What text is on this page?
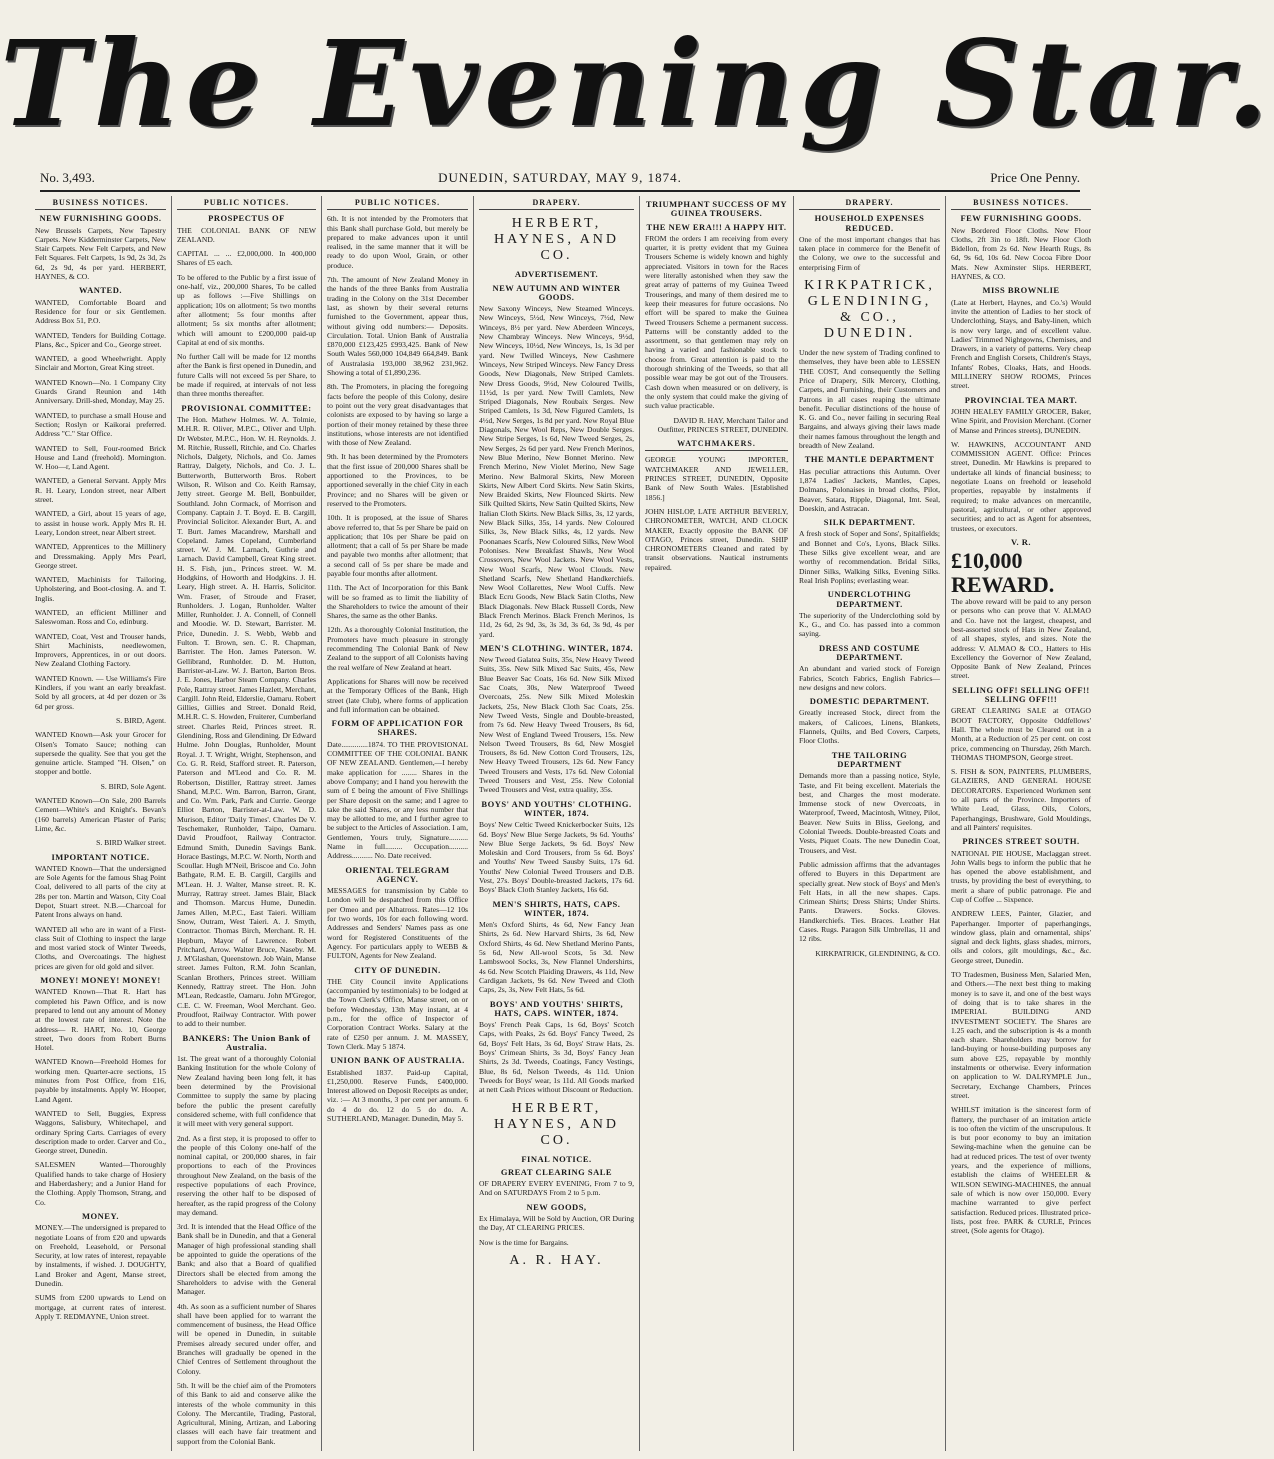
The Evening Star.
No. 3,493.	DUNEDIN, SATURDAY, MAY 9, 1874.	Price One Penny.
BUSINESS NOTICES.
NEW FURNISHING GOODS.
New Brussels Carpets, New Tapestry Carpets. New Kidderminster Carpets, New Stair Carpets. New Felt Carpets, and New Felt Squares. Felt Carpets, 1s 9d, 2s 3d, 2s 6d, 2s 9d, 4s per yard. HERBERT, HAYNES, & CO.
WANTED.
WANTED, Comfortable Board and Residence for four or six Gentlemen. Address Box 51, P.O.
WANTED, Tenders for Building Cottage. Plans, &c., Spicer and Co., George street.
WANTED, a good Wheelwright. Apply Sinclair and Morton, Great King street.
WANTED Known—No. 1 Company City Guards Grand Reunion and 14th Anniversary. Drill-shed, Monday, May 25.
WANTED, to purchase a small House and Section; Roslyn or Kaikorai preferred. Address "C." Star Office.
WANTED to Sell, Four-roomed Brick House and Land (freehold). Mornington. W. Hoo—r, Land Agent.
WANTED, a General Servant. Apply Mrs R. H. Leary, London street, near Albert street.
WANTED, a Girl, about 15 years of age, to assist in house work. Apply Mrs R. H. Leary, London street, near Albert street.
WANTED, Apprentices to the Millinery and Dressmaking. Apply Mrs Pearl, George street.
WANTED, Machinists for Tailoring, Upholstering, and Boot-closing. A. and T. Inglis.
WANTED, an efficient Milliner and Saleswoman. Ross and Co, edinburg.
WANTED, Coat, Vest and Trouser hands, Shirt Machinists, needlewomen, Improvers, Apprentices, in or out doors. New Zealand Clothing Factory.
WANTED Known. — Use Williams's Fire Kindlers, if you want an early breakfast. Sold by all grocers, at 4d per dozen or 3s 6d per gross.
S. BIRD, Agent.
WANTED Known—Ask your Grocer for Olsen's Tomato Sauce; nothing can supersede the quality. See that you get the genuine article. Stamped "H. Olsen," on stopper and bottle.
S. BIRD, Sole Agent.
WANTED Known—On Sale, 200 Barrels Cement—White's and Knight's. Bevan's (160 barrels) American Plaster of Paris; Lime, &c.
S. BIRD Walker street.
IMPORTANT NOTICE.
WANTED Known—That the undersigned are Sole Agents for the famous Shag Point Coal, delivered to all parts of the city at 28s per ton. Martin and Watson, City Coal Depot, Stuart street. N.B.—Charcoal for Patent Irons always on hand.
WANTED all who are in want of a First-class Suit of Clothing to inspect the large and most varied stock of Winter Tweeds, Cloths, and Overcoatings. The highest prices are given for old gold and silver.
MONEY! MONEY! MONEY!
WANTED Known—That R. Hart has completed his Pawn Office, and is now prepared to lend out any amount of Money at the lowest rate of interest. Note the address— R. HART, No. 10, George street, Two doors from Robert Burns Hotel.
WANTED Known—Freehold Homes for working men. Quarter-acre sections, 15 minutes from Post Office, from £16, payable by instalments. Apply W. Hooper, Land Agent.
WANTED to Sell, Buggies, Express Waggons, Salisbury, Whitechapel, and ordinary Spring Carts. Carriages of every description made to order. Carver and Co., George street, Dunedin.
SALESMEN Wanted—Thoroughly Qualified hands to take charge of Hosiery and Haberdashery; and a Junior Hand for the Clothing. Apply Thomson, Strang, and Co.
MONEY.
MONEY.—The undersigned is prepared to negotiate Loans of from £20 and upwards on Freehold, Leasehold, or Personal Security, at low rates of interest, repayable by instalments, if wished. J. DOUGHTY, Land Broker and Agent, Manse street, Dunedin.
SUMS from £200 upwards to Lend on mortgage, at current rates of interest. Apply T. REDMAYNE, Union street.
PUBLIC NOTICES.
PROSPECTUS OF
THE COLONIAL BANK OF NEW ZEALAND.
CAPITAL ... ... £2,000,000. In 400,000 Shares of £5 each.
To be offered to the Public by a first issue of one-half, viz., 200,000 Shares, To be called up as follows :—Five Shillings on application; 10s on allotment; 5s two months after allotment; 5s four months after allotment; 5s six months after allotment; which will amount to £200,000 paid-up Capital at end of six months.
No further Call will be made for 12 months after the Bank is first opened in Dunedin, and future Calls will not exceed 5s per Share, to be made if required, at intervals of not less than three months thereafter.
PROVISIONAL COMMITTEE:
The Hon. Mathew Holmes. W. A. Tolmie, M.H.R. R. Oliver, M.P.C., Oliver and Ulph. Dr Webster, M.P.C., Hon. W. H. Reynolds. J. M. Ritchie, Russell, Ritchie, and Co. Charles Nichols, Dalgety, Nichols, and Co. James Rattray, Dalgety, Nichols, and Co. J. L. Butterworth, Butterworth Bros. Robert Wilson, R. Wilson and Co. Keith Ramsay, Jetty street. George M. Bell, Bonbuilder, Southland. John Cormack, of Morrison and Company. Captain J. T. Boyd. E. B. Cargill, Provincial Solicitor. Alexander Burt, A. and T. Burt. James Macandrew, Marshall and Copeland. James Copeland, Cumberland street. W. J. M. Larnach, Guthrie and Larnach. David Campbell, Great King street. H. S. Fish, jun., Princes street. W. M. Hodgkins, of Howorth and Hodgkins. J. H. Leary, High street. A. H. Harris, Solicitor. Wm. Fraser, of Stroude and Fraser, Runholders. J. Logan, Runholder. Walter Miller, Runholder. J. A. Connell, of Connell and Moodie. W. D. Stewart, Barrister. M. Price, Dunedin. J. S. Webb, Webb and Fulton. T. Brown, sen. C. R. Chapman, Barrister. The Hon. James Paterson. W. Gellibrand, Runholder. D. M. Hutton, Barrister-at-Law. W. J. Barton, Barton Bros. J. E. Jones, Harbor Steam Company. Charles Pole, Rattray street. James Hazlett, Merchant, Cargill. John Reid, Elderslie, Oamaru. Robert Gillies, Gillies and Street. Donald Reid, M.H.R. C. S. Howden, Fruiterer, Cumberland street. Charles Reid, Princes street. R. Glendining, Ross and Glendining. Dr Edward Hulme. John Douglas, Runholder, Mount Royal. J. T. Wright, Wright, Stephenson, and Co. G. R. Reid, Stafford street. R. Paterson, Paterson and M'Leod and Co. R. M. Robertson, Distiller, Rattray street. James Shand, M.P.C. Wm. Barron, Barron, Grant, and Co. Wm. Park, Park and Currie. George Elliot Barton, Barrister-at-Law. W. D. Murison, Editor 'Daily Times'. Charles De V. Teschemaker, Runholder, Taipo, Oamaru. David Proudfoot, Railway Contractor. Edmund Smith, Dunedin Savings Bank. Horace Bastings, M.P.C. W. North, North and Scoullar. Hugh M'Neil, Briscoe and Co. John Bathgate, R.M. E. B. Cargill, Cargills and M'Lean. H. J. Walter, Manse street. R. K. Murray, Rattray street. James Blair, Black and Thomson. Marcus Hume, Dunedin. James Allen, M.P.C., East Taieri. William Snow, Outram, West Taieri. A. J. Smyth, Contractor. Thomas Birch, Merchant. R. H. Hepburn, Mayor of Lawrence. Robert Pritchard, Arrow. Walter Bruce, Naseby. M. J. M'Glashan, Queenstown. Job Wain, Manse street. James Fulton, R.M. John Scanlan, Scanlan Brothers, Princes street. William Kennedy, Rattray street. The Hon. John M'Lean, Redcastle, Oamaru. John M'Gregor, C.E. C. W. Freeman, Wool Merchant. Geo. Proudfoot, Railway Contractor. With power to add to their number.
BANKERS: The Union Bank of Australia.
1st. The great want of a thoroughly Colonial Banking Institution for the whole Colony of New Zealand having been long felt, it has been determined by the Provisional Committee to supply the same by placing before the public the present carefully considered scheme, with full confidence that it will meet with very general support.
2nd. As a first step, it is proposed to offer to the people of this Colony one-half of the nominal capital, or 200,000 shares, in fair proportions to each of the Provinces throughout New Zealand, on the basis of the respective populations of each Province, reserving the other half to be disposed of hereafter, as the rapid progress of the Colony may demand.
3rd. It is intended that the Head Office of the Bank shall be in Dunedin, and that a General Manager of high professional standing shall be appointed to guide the operations of the Bank; and also that a Board of qualified Directors shall be elected from among the Shareholders to advise with the General Manager.
4th. As soon as a sufficient number of Shares shall have been applied for to warrant the commencement of business, the Head Office will be opened in Dunedin, in suitable Premises already secured under offer, and Branches will gradually be opened in the Chief Centres of Settlement throughout the Colony.
5th. It will be the chief aim of the Promoters of this Bank to aid and conserve alike the interests of the whole community in this Colony. The Mercantile, Trading, Pastoral, Agricultural, Mining, Artizan, and Laboring classes will each have fair treatment and support from the Colonial Bank.
PUBLIC NOTICES.
6th. It is not intended by the Promoters that this Bank shall purchase Gold, but merely be prepared to make advances upon it until realised, in the same manner that it will be ready to do upon Wool, Grain, or other produce.
7th. The amount of New Zealand Money in the hands of the three Banks from Australia trading in the Colony on the 31st December last, as shown by their several returns furnished to the Government, appear thus, without giving odd numbers:— Deposits. Circulation. Total. Union Bank of Australia £870,000 £123,425 £993,425. Bank of New South Wales 560,000 104,849 664,849. Bank of Australasia 193,000 38,962 231,962. Showing a total of £1,890,236.
8th. The Promoters, in placing the foregoing facts before the people of this Colony, desire to point out the very great disadvantages that colonists are exposed to by having so large a portion of their money retained by these three institutions, whose interests are not identified with those of New Zealand.
9th. It has been determined by the Promoters that the first issue of 200,000 Shares shall be apportioned to the Provinces, to be apportioned severally in the chief City in each Province; and no Shares will be given or reserved to the Promoters.
10th. It is proposed, at the issue of Shares above referred to, that 5s per Share be paid on application; that 10s per Share be paid on allotment; that a call of 5s per Share be made and payable two months after allotment; that a second call of 5s per share be made and payable four months after allotment.
11th. The Act of Incorporation for this Bank will be so framed as to limit the liability of the Shareholders to twice the amount of their Shares, the same as the other Banks.
12th. As a thoroughly Colonial Institution, the Promoters have much pleasure in strongly recommending The Colonial Bank of New Zealand to the support of all Colonists having the real welfare of New Zealand at heart.
Applications for Shares will now be received at the Temporary Offices of the Bank, High street (late Club), where forms of application and full information can be obtained.
FORM OF APPLICATION FOR SHARES.
Date..............1874. TO THE PROVISIONAL COMMITTEE OF THE COLONIAL BANK OF NEW ZEALAND. Gentlemen,—I hereby make application for ........ Shares in the above Company; and I hand you herewith the sum of £ being the amount of Five Shillings per Share deposit on the same; and I agree to take the said Shares, or any less number that may be allotted to me, and I further agree to be subject to the Articles of Association. I am, Gentlemen, Yours truly, Signature.......... Name in full......... Occupation.......... Address........... No. Date received.
ORIENTAL TELEGRAM AGENCY.
MESSAGES for transmission by Cable to London will be despatched from this Office per Omeo and per Albatross. Rates—12 10s for two words, 10s for each following word. Addresses and Senders' Names pass as one word for Registered Constituents of the Agency. For particulars apply to WEBB & FULTON, Agents for New Zealand.
CITY OF DUNEDIN.
THE City Council invite Applications (accompanied by testimonials) to be lodged at the Town Clerk's Office, Manse street, on or before Wednesday, 13th May instant, at 4 p.m., for the office of Inspector of Corporation Contract Works. Salary at the rate of £250 per annum. J. M. MASSEY, Town Clerk. May 5 1874.
UNION BANK OF AUSTRALIA.
Established 1837. Paid-up Capital, £1,250,000. Reserve Funds, £400,000. Interest allowed on Deposit Receipts as under, viz. :— At 3 months, 3 per cent per annum. 6 do 4 do do. 12 do 5 do do. A. SUTHERLAND, Manager. Dunedin, May 5.
DRAPERY.
HERBERT, HAYNES, AND CO.
ADVERTISEMENT.
NEW AUTUMN AND WINTER GOODS.
New Saxony Winceys, New Steamed Winceys. New Winceys, 5½d, New Winceys, 7½d, New Winceys, 8½ per yard. New Aberdeen Winceys, New Chambray Winceys. New Winceys, 9½d, New Winceys, 10½d, New Winceys, 1s, 1s 3d per yard. New Twilled Winceys, New Cashmere Winceys, New Striped Winceys. New Fancy Dress Goods, New Diagonals, New Striped Camlets. New Dress Goods, 9½d, New Coloured Twills, 11½d, 1s per yard. New Twill Camlets, New Striped Diagonals, New Roubaix Serges. New Striped Camlets, 1s 3d, New Figured Camlets, 1s 4½d, New Serges, 1s 8d per yard. New Royal Blue Diagonals, New Wool Reps, New Double Serges. New Stripe Serges, 1s 6d, New Tweed Serges, 2s, New Serges, 2s 6d per yard. New French Merinos, New Blue Merino, New Bonnet Merino. New French Merino, New Violet Merino, New Sage Merino. New Balmoral Skirts, New Moreen Skirts, New Albert Cord Skirts. New Satin Skirts, New Braided Skirts, New Flounced Skirts. New Silk Quilted Skirts, New Satin Quilted Skirts, New Italian Cloth Skirts. New Black Silks, 3s, 12 yards, New Black Silks, 35s, 14 yards. New Coloured Silks, 3s, New Black Silks, 4s, 12 yards. New Poonanaes Scarfs, New Coloured Silks, New Wool Polonises. New Breakfast Shawls, New Wool Crossovers, New Wool Jackets. New Wool Vests, New Wool Scarfs, New Wool Clouds. New Shetland Scarfs, New Shetland Handkerchiefs. New Wool Collarettes, New Wool Cuffs. New Black Ecru Goods, New Black Satin Cloths, New Black Diagonals. New Black Russell Cords, New Black French Merinos. Black French Merinos, 1s 11d, 2s 6d, 2s 9d, 3s, 3s 3d, 3s 6d, 3s 9d, 4s per yard.
MEN'S CLOTHING. WINTER, 1874.
New Tweed Galatea Suits, 35s, New Heavy Tweed Suits, 35s. New Silk Mixed Sac Suits, 45s, New Blue Beaver Sac Coats, 16s 6d. New Silk Mixed Sac Coats, 30s, New Waterproof Tweed Overcoats, 25s. New Silk Mixed Moleskin Jackets, 25s, New Black Cloth Sac Coats, 25s. New Tweed Vests, Single and Double-breasted, from 7s 6d. New Heavy Tweed Trousers, 8s 6d, New West of England Tweed Trousers, 15s. New Nelson Tweed Trousers, 8s 6d, New Mosgiel Trousers, 8s 6d. New Cotton Cord Trousers, 12s, New Heavy Tweed Trousers, 12s 6d. New Fancy Tweed Trousers and Vests, 17s 6d. New Colonial Tweed Trousers and Vest, 25s. New Colonial Tweed Trousers and Vest, extra quality, 35s.
BOYS' AND YOUTHS' CLOTHING. WINTER, 1874.
Boys' New Celtic Tweed Knickerbocker Suits, 12s 6d. Boys' New Blue Serge Jackets, 9s 6d. Youths' New Blue Serge Jackets, 9s 6d. Boys' New Moleskin and Cord Trousers, from 5s 6d. Boys' and Youths' New Tweed Sausby Suits, 17s 6d. Youths' New Colonial Tweed Trousers and D.B. Vest, 27s. Boys' Double-breasted Jackets, 17s 6d. Boys' Black Cloth Stanley Jackets, 16s 6d.
MEN'S SHIRTS, HATS, CAPS. WINTER, 1874.
Men's Oxford Shirts, 4s 6d, New Fancy Jean Shirts, 2s 6d. New Harvard Shirts, 3s 6d, New Oxford Shirts, 4s 6d. New Shetland Merino Pants, 5s 6d, New All-wool Scots, 5s 3d. New Lambswool Socks, 3s, New Flannel Undershirts, 4s 6d. New Scotch Plaiding Drawers, 4s 11d, New Cardigan Jackets, 9s 6d. New Tweed and Cloth Caps, 2s, 3s, New Felt Hats, 5s 6d.
BOYS' AND YOUTHS' SHIRTS, HATS, CAPS. WINTER, 1874.
Boys' French Peak Caps, 1s 6d, Boys' Scotch Caps, with Peaks, 2s 6d. Boys' Fancy Tweed, 2s 6d, Boys' Felt Hats, 3s 6d, Boys' Straw Hats, 2s. Boys' Crimean Shirts, 3s 3d, Boys' Fancy Jean Shirts, 2s 3d. Tweeds, Coatings, Fancy Vestings, Blue, 8s 6d, Nelson Tweeds, 4s 11d. Union Tweeds for Boys' wear, 1s 11d. All Goods marked at nett Cash Prices without Discount or Reduction.
HERBERT, HAYNES, AND CO.
FINAL NOTICE.
GREAT CLEARING SALE
OF DRAPERY EVERY EVENING, From 7 to 9, And on SATURDAYS From 2 to 5 p.m.
NEW GOODS,
Ex Himalaya, Will be Sold by Auction, OR During the Day, AT CLEARING PRICES.
Now is the time for Bargains.
A. R. HAY.
TRIUMPHANT SUCCESS OF MY GUINEA TROUSERS.
THE NEW ERA!!! A HAPPY HIT.
FROM the orders I am receiving from every quarter, it is pretty evident that my Guinea Trousers Scheme is widely known and highly appreciated. Visitors in town for the Races were literally astonished when they saw the great array of patterns of my Guinea Tweed Trouserings, and many of them desired me to keep their measures for future occasions. No effort will be spared to make the Guinea Tweed Trousers Scheme a permanent success. Patterns will be constantly added to the assortment, so that gentlemen may rely on having a varied and fashionable stock to choose from. Great attention is paid to the thorough shrinking of the Tweeds, so that all possible wear may be got out of the Trousers. Cash down when measured or on delivery, is the only system that could make the giving of such value practicable.
DAVID R. HAY, Merchant Tailor and Outfitter, PRINCES STREET, DUNEDIN.
WATCHMAKERS.
GEORGE YOUNG IMPORTER, WATCHMAKER AND JEWELLER, PRINCES STREET, DUNEDIN, Opposite Bank of New South Wales. [Established 1856.]
JOHN HISLOP, LATE ARTHUR BEVERLY, CHRONOMETER, WATCH, AND CLOCK MAKER, Exactly opposite the BANK OF OTAGO, Princes street, Dunedin. SHIP CHRONOMETERS Cleaned and rated by transit observations. Nautical instruments repaired.
DRAPERY.
HOUSEHOLD EXPENSES REDUCED.
One of the most important changes that has taken place in commerce for the Benefit of the Colony, we owe to the successful and enterprising Firm of
KIRKPATRICK, GLENDINING, & CO., DUNEDIN.
Under the new system of Trading confined to themselves, they have been able to LESSEN THE COST, And consequently the Selling Price of Drapery, Silk Mercery, Clothing, Carpets, and Furnishing, their Customers and Patrons in all cases reaping the ultimate benefit. Peculiar distinctions of the house of K. G. and Co., never failing in securing Real Bargains, and always giving their laws made their names famous throughout the length and breadth of New Zealand.
THE MANTLE DEPARTMENT
Has peculiar attractions this Autumn. Over 1,874 Ladies' Jackets, Mantles, Capes, Dolmans, Polonaises in broad cloths, Pilot, Beaver, Satara, Ripple, Diagonal, Imt. Seal, Doeskin, and Astracan.
SILK DEPARTMENT.
A fresh stock of Soper and Sons', Spitalfields; and Bonnet and Co's, Lyons, Black Silks. These Silks give excellent wear, and are worthy of recommendation. Bridal Silks, Dinner Silks, Walking Silks, Evening Silks. Real Irish Poplins; everlasting wear.
UNDERCLOTHING DEPARTMENT.
The superiority of the Underclothing sold by K., G., and Co. has passed into a common saying.
DRESS AND COSTUME DEPARTMENT.
An abundant and varied stock of Foreign Fabrics, Scotch Fabrics, English Fabrics—new designs and new colors.
DOMESTIC DEPARTMENT.
Greatly increased Stock, direct from the makers, of Calicoes, Linens, Blankets, Flannels, Quilts, and Bed Covers, Carpets, Floor Cloths.
THE TAILORING DEPARTMENT
Demands more than a passing notice, Style, Taste, and Fit being excellent. Materials the best, and Charges the most moderate. Immense stock of new Overcoats, in Waterproof, Tweed, Macintosh, Witney, Pilot, Beaver. New Suits in Bliss, Geelong, and Colonial Tweeds. Double-breasted Coats and Vests, Piquet Coats. The new Dunedin Coat, Trousers, and Vest.
Public admission affirms that the advantages offered to Buyers in this Department are specially great. New stock of Boys' and Men's Felt Hats, in all the new shapes. Caps. Crimean Shirts; Dress Shirts; Under Shirts. Pants. Drawers. Socks. Gloves. Handkerchiefs. Ties. Braces. Leather Hat Cases. Rugs. Paragon Silk Umbrellas, 11 and 12 ribs.
KIRKPATRICK, GLENDINING, & CO.
BUSINESS NOTICES.
FEW FURNISHING GOODS.
New Bordered Floor Cloths. New Floor Cloths, 2ft 3in to 18ft. New Floor Cloth Bidellon, from 2s 6d. New Hearth Rugs, 8s 6d, 9s 6d, 10s 6d. New Cocoa Fibre Door Mats. New Axminster Slips. HERBERT, HAYNES, & CO.
MISS BROWNLIE
(Late at Herbert, Haynes, and Co.'s) Would invite the attention of Ladies to her stock of Underclothing, Stays, and Baby-linen, which is now very large, and of excellent value. Ladies' Trimmed Nightgowns, Chemises, and Drawers, in a variety of patterns. Very cheap French and English Corsets, Children's Stays, Infants' Robes, Cloaks, Hats, and Hoods. MILLINERY SHOW ROOMS, Princes street.
PROVINCIAL TEA MART.
JOHN HEALEY FAMILY GROCER, Baker, Wine Spirit, and Provision Merchant. (Corner of Manse and Princes streets), DUNEDIN.
W. HAWKINS, ACCOUNTANT AND COMMISSION AGENT. Office: Princes street, Dunedin. Mr Hawkins is prepared to undertake all kinds of financial business; to negotiate Loans on freehold or leasehold properties, repayable by instalments if required; to make advances on mercantile, pastoral, agricultural, or other approved securities; and to act as Agent for absentees, trustees, or executors.
V. R.
£10,000 REWARD.
The above reward will be paid to any person or persons who can prove that V. ALMAO and Co. have not the largest, cheapest, and best-assorted stock of Hats in New Zealand, of all shapes, styles, and sizes. Note the address: V. ALMAO & CO., Hatters to His Excellency the Governor of New Zealand, Opposite Bank of New Zealand, Princes street.
SELLING OFF! SELLING OFF!! SELLING OFF!!!
GREAT CLEARING SALE at OTAGO BOOT FACTORY, Opposite Oddfellows' Hall. The whole must be Cleared out in a Month, at a Reduction of 25 per cent. on cost price, commencing on Thursday, 26th March. THOMAS THOMPSON, George street.
S. FISH & SON, PAINTERS, PLUMBERS, GLAZIERS, AND GENERAL HOUSE DECORATORS. Experienced Workmen sent to all parts of the Province. Importers of White Lead, Glass, Oils, Colors, Paperhangings, Brushware, Gold Mouldings, and all Painters' requisites.
PRINCES STREET SOUTH.
NATIONAL PIE HOUSE, Maclaggan street. John Walls begs to inform the public that he has opened the above establishment, and trusts, by providing the best of everything, to merit a share of public patronage. Pie and Cup of Coffee ... Sixpence.
ANDREW LEES, Painter, Glazier, and Paperhanger. Importer of paperhangings, window glass, plain and ornamental, ships' signal and deck lights, glass shades, mirrors, oils and colors, gilt mouldings, &c., &c. George street, Dunedin.
TO Tradesmen, Business Men, Salaried Men, and Others.—The next best thing to making money is to save it, and one of the best ways of doing that is to take shares in the IMPERIAL BUILDING AND INVESTMENT SOCIETY. The Shares are 1.25 each, and the subscription is 4s a month each share. Shareholders may borrow for land-buying or house-building purposes any sum above £25, repayable by monthly instalments or otherwise. Every information on application to W. DALRYMPLE Jun., Secretary, Exchange Chambers, Princes street.
WHILST imitation is the sincerest form of flattery, the purchaser of an imitation article is too often the victim of the unscrupulous. It is but poor economy to buy an imitation Sewing-machine when the genuine can be had at reduced prices. The test of over twenty years, and the experience of millions, establish the claims of WHEELER & WILSON SEWING-MACHINES, the annual sale of which is now over 150,000. Every machine warranted to give perfect satisfaction. Reduced prices. Illustrated price-lists, post free. PARK & CURLE, Princes street, (Sole agents for Otago).
